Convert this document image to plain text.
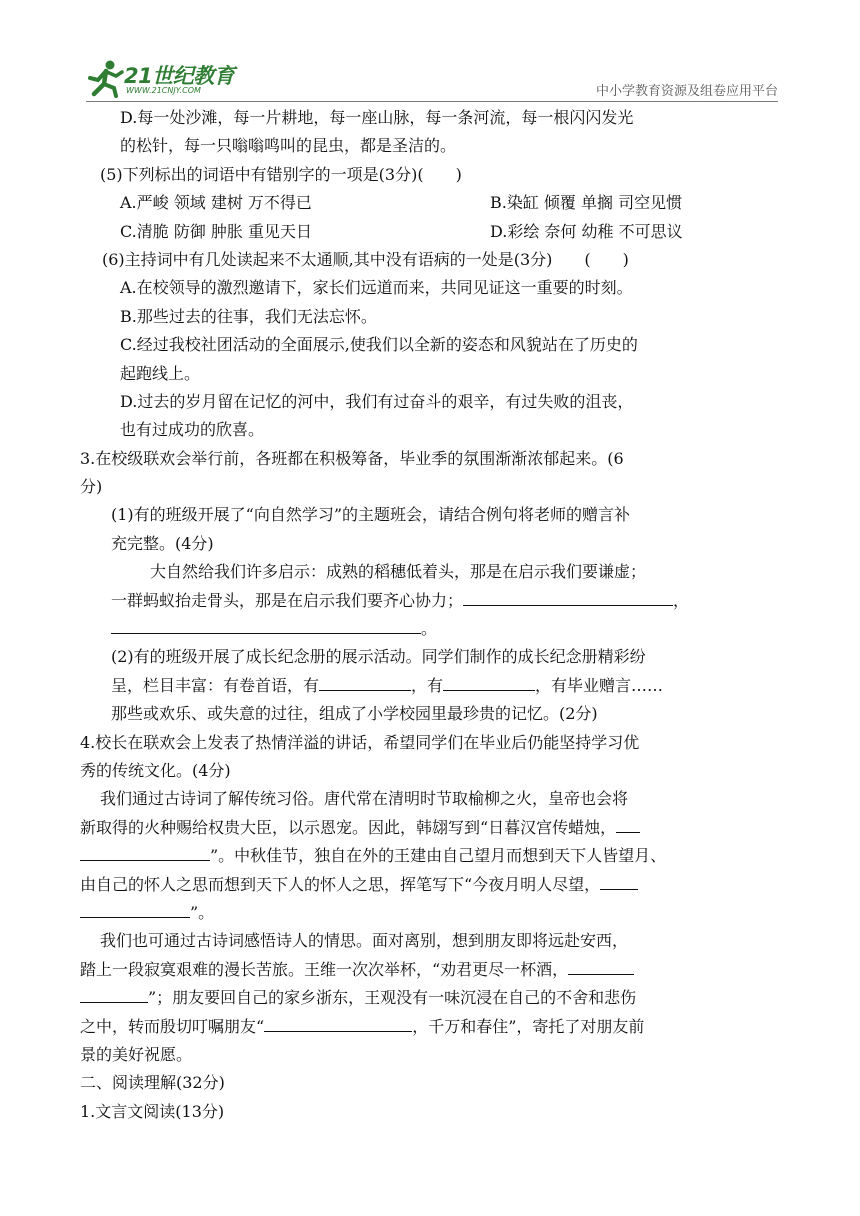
21世纪教育
WWW.21CNJY.COM	中小学教育资源及组卷应用平台
D.每一处沙滩，每一片耕地，每一座山脉，每一条河流，每一根闪闪发光
的松针，每一只嗡嗡鸣叫的昆虫，都是圣洁的。
(5)下列标出的词语中有错别字的一项是(3分)(　　)
A.严峻 领域 建树 万不得已	B.染缸 倾覆 单搁 司空见惯
C.清脆 防御 肿胀 重见天日	D.彩绘 奈何 幼稚 不可思议
(6)主持词中有几处读起来不太通顺,其中没有语病的一处是(3分)　　(　　)
A.在校领导的激烈邀请下，家长们远道而来，共同见证这一重要的时刻。
B.那些过去的往事，我们无法忘怀。
C.经过我校社团活动的全面展示,使我们以全新的姿态和风貌站在了历史的
起跑线上。
D.过去的岁月留在记忆的河中，我们有过奋斗的艰辛，有过失败的沮丧，
也有过成功的欣喜。
3.在校级联欢会举行前，各班都在积极筹备，毕业季的氛围渐渐浓郁起来。(6
分)
(1)有的班级开展了“向自然学习”的主题班会，请结合例句将老师的赠言补
充完整。(4分)
大自然给我们许多启示：成熟的稻穗低着头，那是在启示我们要谦虚；
一群蚂蚁抬走骨头，那是在启示我们要齐心协力；	，
。
(2)有的班级开展了成长纪念册的展示活动。同学们制作的成长纪念册精彩纷
呈，栏目丰富：有卷首语，有	，有	，有毕业赠言……
那些或欢乐、或失意的过往，组成了小学校园里最珍贵的记忆。(2分)
4.校长在联欢会上发表了热情洋溢的讲话，希望同学们在毕业后仍能坚持学习优
秀的传统文化。(4分)
我们通过古诗词了解传统习俗。唐代常在清明时节取榆柳之火，皇帝也会将
新取得的火种赐给权贵大臣，以示恩宠。因此，韩翃写到“日暮汉宫传蜡烛，
”。中秋佳节，独自在外的王建由自己望月而想到天下人皆望月、
由自己的怀人之思而想到天下人的怀人之思，挥笔写下“今夜月明人尽望，
”。
我们也可通过古诗词感悟诗人的情思。面对离别，想到朋友即将远赴安西，
踏上一段寂寞艰难的漫长苦旅。王维一次次举杯，“劝君更尽一杯酒，
”；朋友要回自己的家乡浙东，王观没有一味沉浸在自己的不舍和悲伤
之中，转而殷切叮嘱朋友“	，千万和春住”，寄托了对朋友前
景的美好祝愿。
二、阅读理解(32分)
1.文言文阅读(13分)
